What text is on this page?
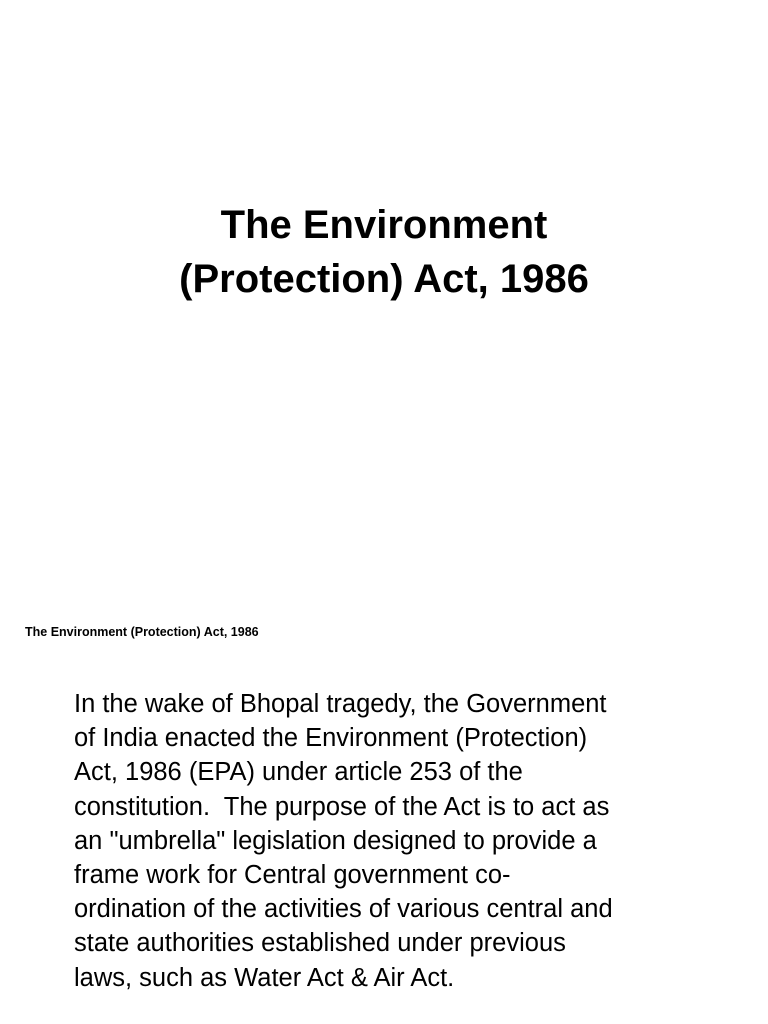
The Environment
(Protection) Act, 1986

The Environment (Protection) Act, 1986

In the wake of Bhopal tragedy, the Government
of India enacted the Environment (Protection)
Act, 1986 (EPA) under article 253 of the
constitution.  The purpose of the Act is to act as
an "umbrella" legislation designed to provide a
frame work for Central government co-
ordination of the activities of various central and
state authorities established under previous
laws, such as Water Act & Air Act.
